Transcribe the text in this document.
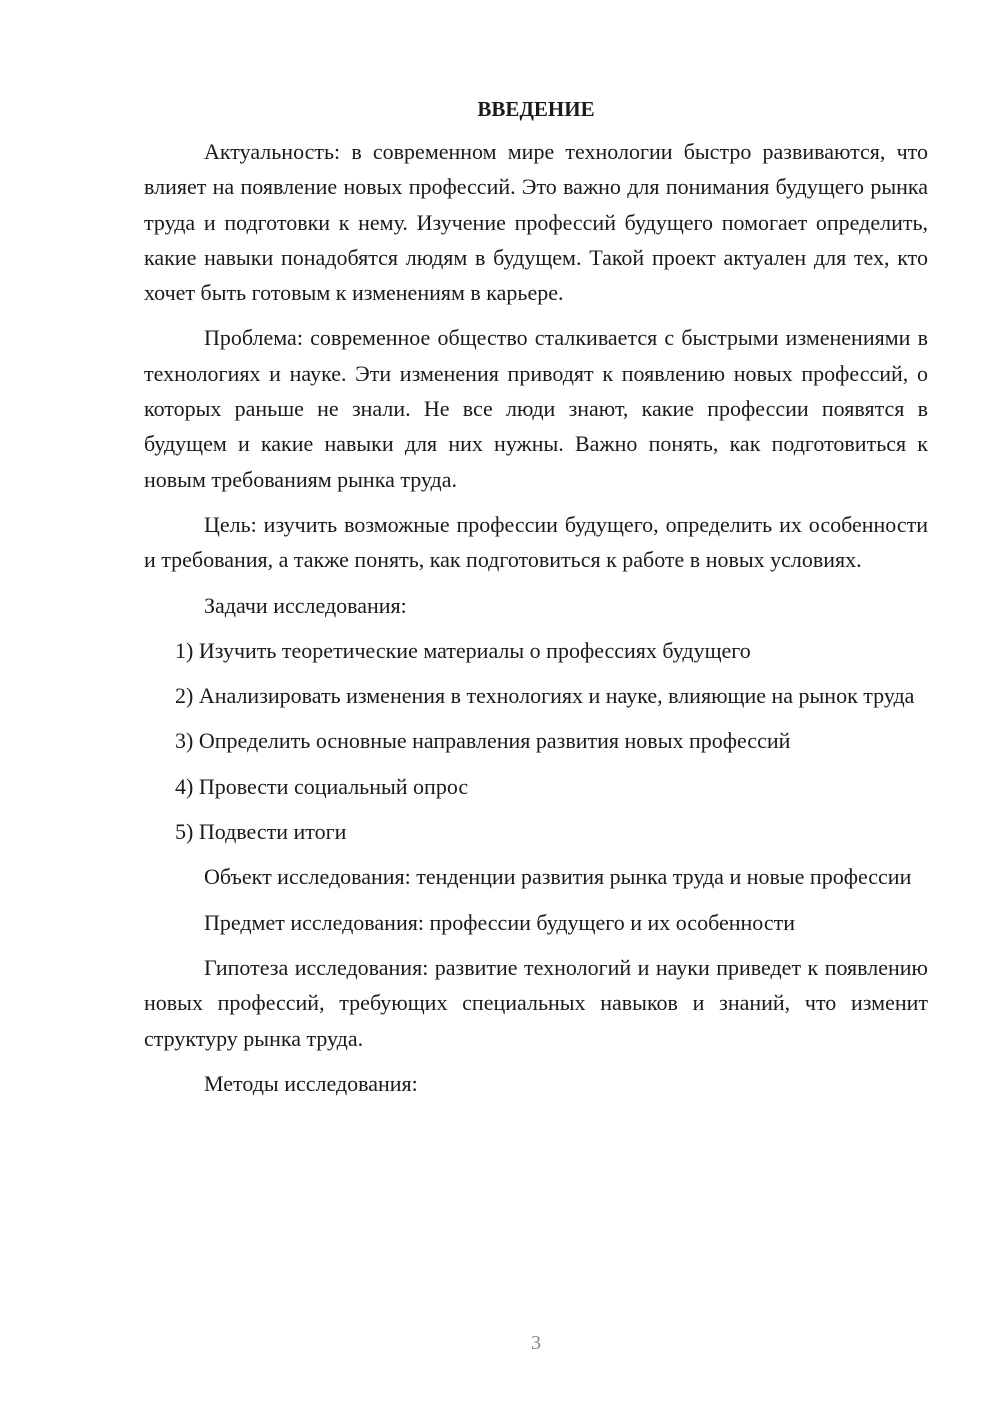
ВВЕДЕНИЕ

Актуальность: в современном мире технологии быстро развиваются, что влияет на появление новых профессий. Это важно для понимания будущего рынка труда и подготовки к нему. Изучение профессий будущего помогает определить, какие навыки понадобятся людям в будущем. Такой проект актуален для тех, кто хочет быть готовым к изменениям в карьере.

Проблема: современное общество сталкивается с быстрыми изменениями в технологиях и науке. Эти изменения приводят к появлению новых профессий, о которых раньше не знали. Не все люди знают, какие профессии появятся в будущем и какие навыки для них нужны. Важно понять, как подготовиться к новым требованиям рынка труда.

Цель: изучить возможные профессии будущего, определить их особенности и требования, а также понять, как подготовиться к работе в новых условиях.

Задачи исследования:

1) Изучить теоретические материалы о профессиях будущего

2) Анализировать изменения в технологиях и науке, влияющие на рынок труда

3) Определить основные направления развития новых профессий

4) Провести социальный опрос

5) Подвести итоги

Объект исследования: тенденции развития рынка труда и новые профессии

Предмет исследования: профессии будущего и их особенности

Гипотеза исследования: развитие технологий и науки приведет к появлению новых профессий, требующих специальных навыков и знаний, что изменит структуру рынка труда.

Методы исследования:

3
